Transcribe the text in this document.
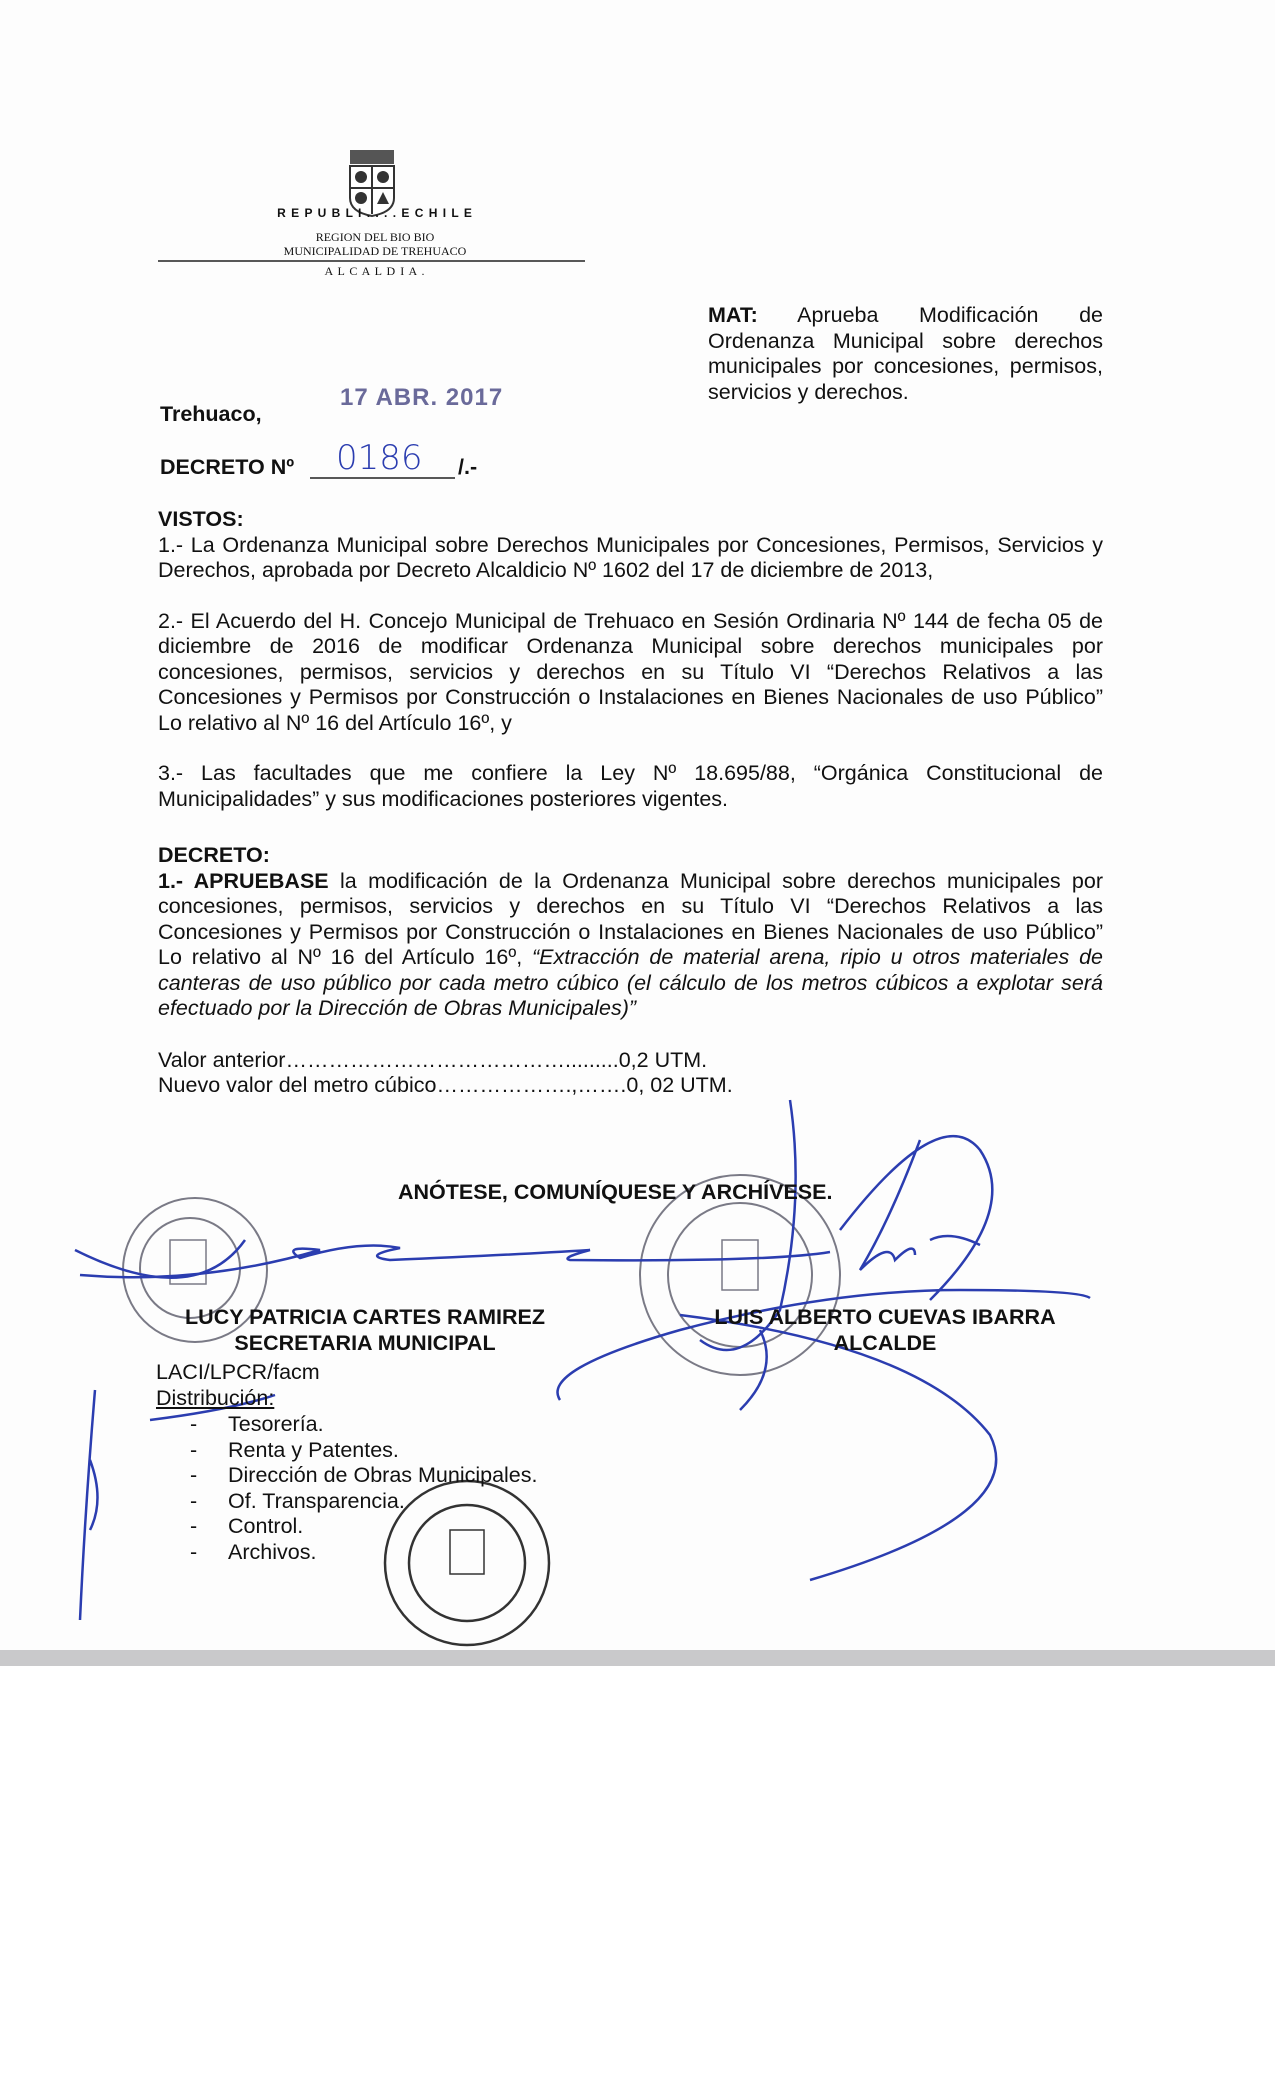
R E P U B L I . . . . E C H I L E
REGION DEL BIO BIO
MUNICIPALIDAD DE TREHUACO
A L C A L D I A .
MAT: Aprueba Modificación de Ordenanza Municipal sobre derechos municipales por concesiones, permisos, servicios y derechos.
Trehuaco,
17 ABR. 2017
DECRETO Nº 0186 /.-
VISTOS:
1.- La Ordenanza Municipal sobre Derechos Municipales por Concesiones, Permisos, Servicios y Derechos, aprobada por Decreto Alcaldicio Nº 1602 del 17 de diciembre de 2013,
2.- El Acuerdo del H. Concejo Municipal de Trehuaco en Sesión Ordinaria Nº 144 de fecha 05 de diciembre de 2016 de modificar Ordenanza Municipal sobre derechos municipales por concesiones, permisos, servicios y derechos en su Título VI “Derechos Relativos a las Concesiones y Permisos por Construcción o Instalaciones en Bienes Nacionales de uso Público” Lo relativo al Nº 16 del Artículo 16º, y
3.- Las facultades que me confiere la Ley Nº 18.695/88, “Orgánica Constitucional de Municipalidades” y sus modificaciones posteriores vigentes.
DECRETO:
1.- APRUEBASE la modificación de la Ordenanza Municipal sobre derechos municipales por concesiones, permisos, servicios y derechos en su Título VI “Derechos Relativos a las Concesiones y Permisos por Construcción o Instalaciones en Bienes Nacionales de uso Público” Lo relativo al Nº 16 del Artículo 16º, “Extracción de material arena, ripio u otros materiales de canteras de uso público por cada metro cúbico (el cálculo de los metros cúbicos a explotar será efectuado por la Dirección de Obras Municipales)”
Valor anterior………………………………….........0,2 UTM.
Nuevo valor del metro cúbico……………….,…….0, 02 UTM.
ANÓTESE, COMUNÍQUESE Y ARCHÍVESE.
LUCY PATRICIA CARTES RAMIREZ
SECRETARIA MUNICIPAL
LUIS ALBERTO CUEVAS IBARRA
ALCALDE
LACI/LPCR/facm
Distribución:
- Tesorería.
- Renta y Patentes.
- Dirección de Obras Municipales.
- Of. Transparencia.
- Control.
- Archivos.
